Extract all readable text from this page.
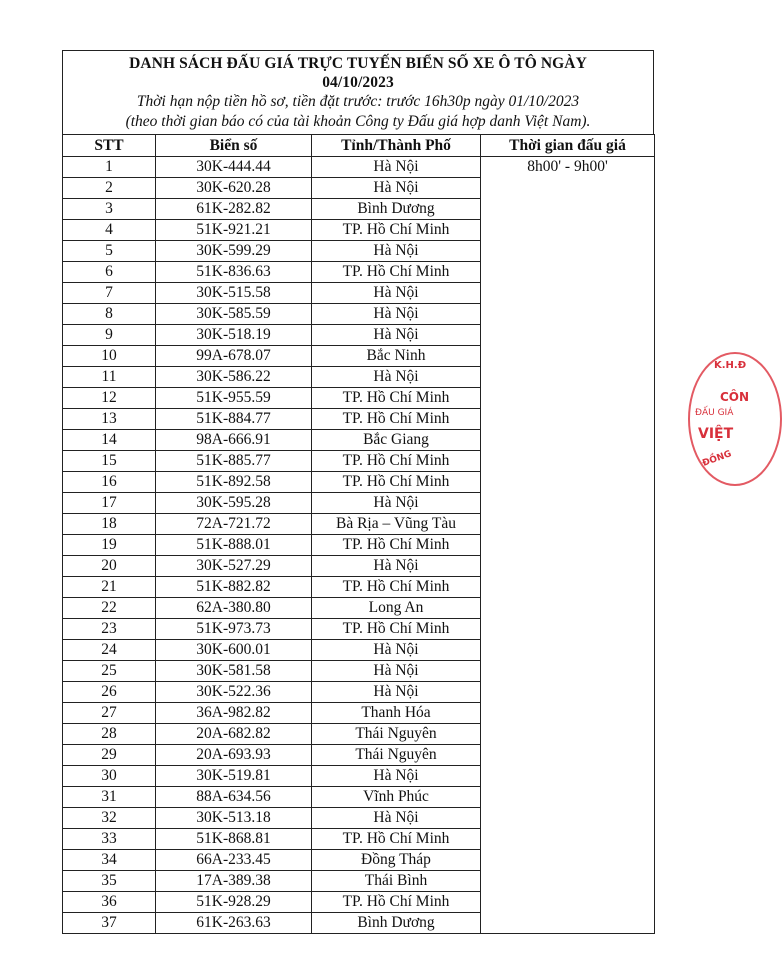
DANH SÁCH ĐẤU GIÁ TRỰC TUYẾN BIỂN SỐ XE Ô TÔ NGÀY
04/10/2023
Thời hạn nộp tiền hồ sơ, tiền đặt trước: trước 16h30p ngày 01/10/2023
(theo thời gian báo có của tài khoản Công ty Đấu giá hợp danh Việt Nam).
STT	Biển số	Tỉnh/Thành Phố	Thời gian đấu giá
1	30K-444.44	Hà Nội	8h00' - 9h00'
2	30K-620.28	Hà Nội	
3	61K-282.82	Bình Dương	
4	51K-921.21	TP. Hồ Chí Minh	
5	30K-599.29	Hà Nội	
6	51K-836.63	TP. Hồ Chí Minh	
7	30K-515.58	Hà Nội	
8	30K-585.59	Hà Nội	
9	30K-518.19	Hà Nội	
10	99A-678.07	Bắc Ninh	
11	30K-586.22	Hà Nội	
12	51K-955.59	TP. Hồ Chí Minh	
13	51K-884.77	TP. Hồ Chí Minh	
14	98A-666.91	Bắc Giang	
15	51K-885.77	TP. Hồ Chí Minh	
16	51K-892.58	TP. Hồ Chí Minh	
17	30K-595.28	Hà Nội	
18	72A-721.72	Bà Rịa – Vũng Tàu	
19	51K-888.01	TP. Hồ Chí Minh	
20	30K-527.29	Hà Nội	
21	51K-882.82	TP. Hồ Chí Minh	
22	62A-380.80	Long An	
23	51K-973.73	TP. Hồ Chí Minh	
24	30K-600.01	Hà Nội	
25	30K-581.58	Hà Nội	
26	30K-522.36	Hà Nội	
27	36A-982.82	Thanh Hóa	
28	20A-682.82	Thái Nguyên	
29	20A-693.93	Thái Nguyên	
30	30K-519.81	Hà Nội	
31	88A-634.56	Vĩnh Phúc	
32	30K-513.18	Hà Nội	
33	51K-868.81	TP. Hồ Chí Minh	
34	66A-233.45	Đồng Tháp	
35	17A-389.38	Thái Bình	
36	51K-928.29	TP. Hồ Chí Minh	
37	61K-263.63	Bình Dương	
K.H.Đ
CÔN
ĐẤU GIÁ
VIỆT
ĐỒNG
